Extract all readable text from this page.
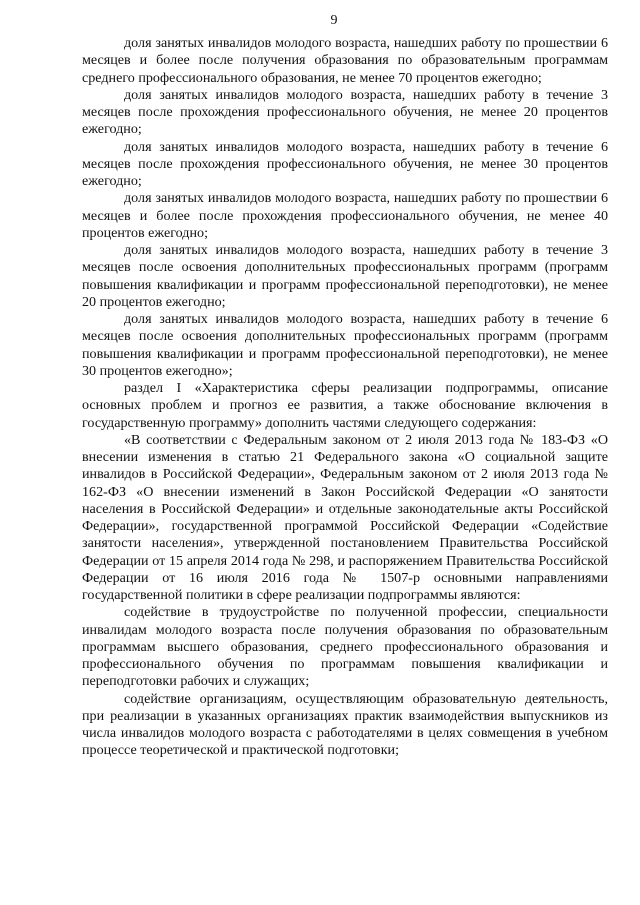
9

доля занятых инвалидов молодого возраста, нашедших работу по прошествии 6 месяцев и более после получения образования по образовательным программам среднего профессионального образования, не менее 70 процентов ежегодно;

доля занятых инвалидов молодого возраста, нашедших работу в течение 3 месяцев после прохождения профессионального обучения, не менее 20 процентов ежегодно;

доля занятых инвалидов молодого возраста, нашедших работу в течение 6 месяцев после прохождения профессионального обучения, не менее 30 процентов ежегодно;

доля занятых инвалидов молодого возраста, нашедших работу по прошествии 6 месяцев и более после прохождения профессионального обучения, не менее 40 процентов ежегодно;

доля занятых инвалидов молодого возраста, нашедших работу в течение 3 месяцев после освоения дополнительных профессиональных программ (программ повышения квалификации и программ профессиональной переподготовки), не менее 20 процентов ежегодно;

доля занятых инвалидов молодого возраста, нашедших работу в течение 6 месяцев после освоения дополнительных профессиональных программ (программ повышения квалификации и программ профессиональной переподготовки), не менее 30 процентов ежегодно»;

раздел I «Характеристика сферы реализации подпрограммы, описание основных проблем и прогноз ее развития, а также обоснование включения в государственную программу» дополнить частями следующего содержания:

«В соответствии с Федеральным законом от 2 июля 2013 года № 183-ФЗ «О внесении изменения в статью 21 Федерального закона «О социальной защите инвалидов в Российской Федерации», Федеральным законом от 2 июля 2013 года № 162-ФЗ «О внесении изменений в Закон Российской Федерации «О занятости населения в Российской Федерации» и отдельные законодательные акты Российской Федерации», государственной программой Российской Федерации «Содействие занятости населения», утвержденной постановлением Правительства Российской Федерации от 15 апреля 2014 года № 298, и распоряжением Правительства Российской Федерации от 16 июля 2016 года № 1507-р основными направлениями государственной политики в сфере реализации подпрограммы являются:

содействие в трудоустройстве по полученной профессии, специальности инвалидам молодого возраста после получения образования по образовательным программам высшего образования, среднего профессионального образования и профессионального обучения по программам повышения квалификации и переподготовки рабочих и служащих;

содействие организациям, осуществляющим образовательную деятельность, при реализации в указанных организациях практик взаимодействия выпускников из числа инвалидов молодого возраста с работодателями в целях совмещения в учебном процессе теоретической и практической подготовки;
